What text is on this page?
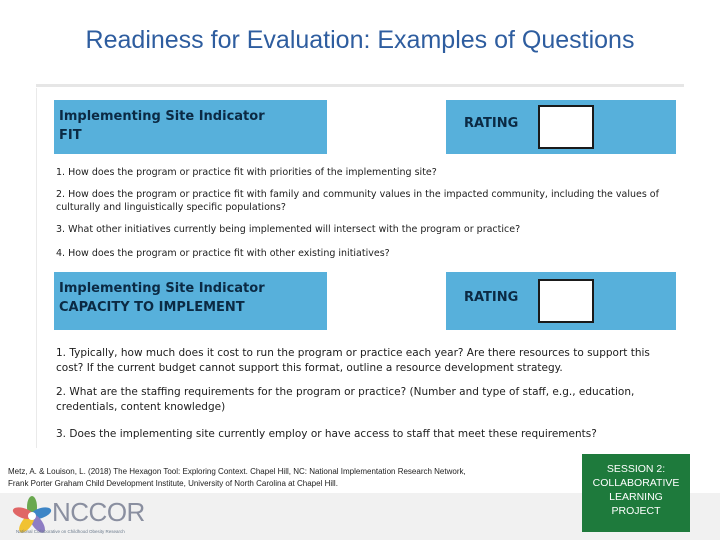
Readiness for Evaluation: Examples of Questions
Implementing Site Indicator
FIT
RATING
1. How does the program or practice fit with priorities of the implementing site?
2. How does the program or practice fit with family and community values in the impacted community, including the values of culturally and linguistically specific populations?
3. What other initiatives currently being implemented will intersect with the program or practice?
4. How does the program or practice fit with other existing initiatives?
Implementing Site Indicator
CAPACITY TO IMPLEMENT
RATING
1. Typically, how much does it cost to run the program or practice each year? Are there resources to support this cost? If the current budget cannot support this format, outline a resource development strategy.
2. What are the staffing requirements for the program or practice? (Number and type of staff, e.g., education, credentials, content knowledge)
3. Does the implementing site currently employ or have access to staff that meet these requirements?
Metz, A. & Louison, L. (2018) The Hexagon Tool: Exploring Context. Chapel Hill, NC: National Implementation Research Network,
Frank Porter Graham Child Development Institute, University of North Carolina at Chapel Hill.
NCCOR
National Collaborative on Childhood Obesity Research
SESSION 2:
COLLABORATIVE
LEARNING
PROJECT
